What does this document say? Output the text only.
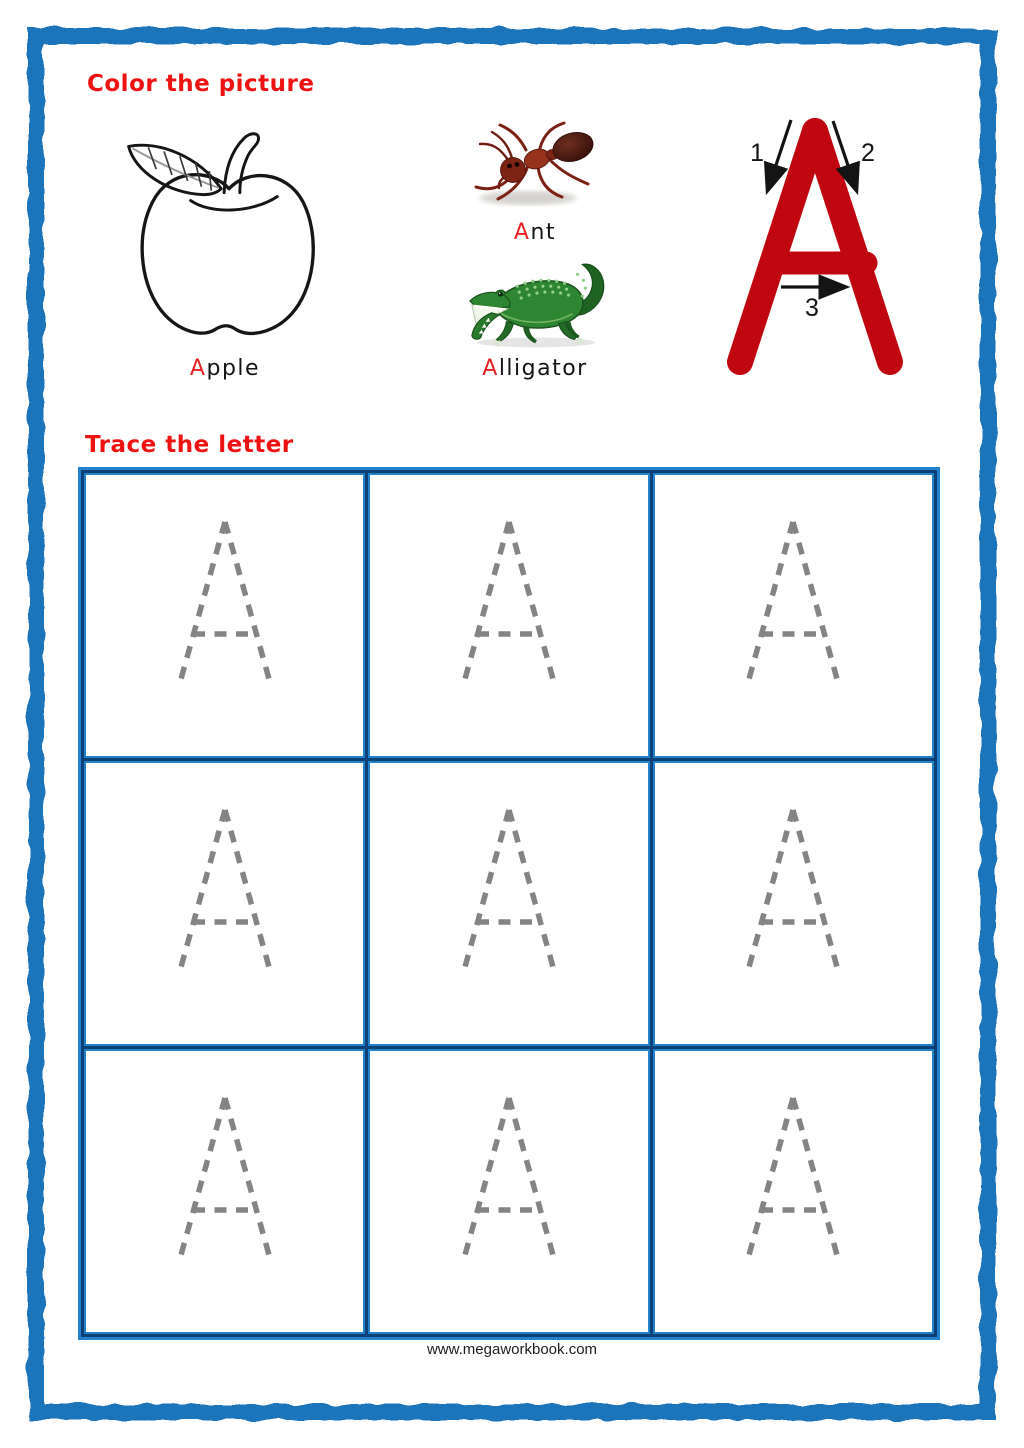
Color the picture
Trace the letter
Apple
Ant
Alligator
1	2
3
www.megaworkbook.com
